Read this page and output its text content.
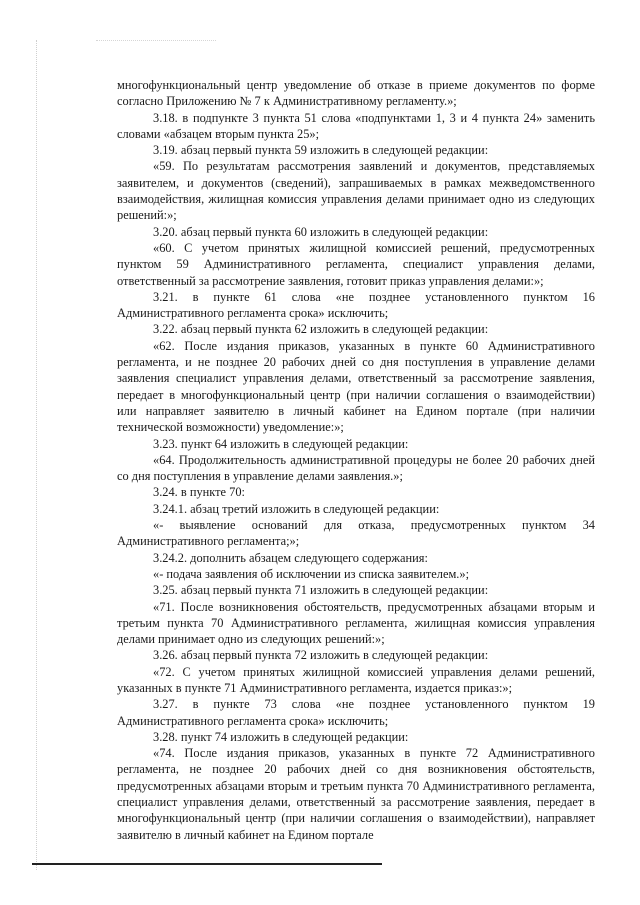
многофункциональный центр уведомление об отказе в приеме документов по форме согласно Приложению № 7 к Административному регламенту.»;

3.18. в подпункте 3 пункта 51 слова «подпунктами 1, 3 и 4 пункта 24» заменить словами «абзацем вторым пункта 25»;

3.19. абзац первый пункта 59 изложить в следующей редакции:

«59. По результатам рассмотрения заявлений и документов, представляемых заявителем, и документов (сведений), запрашиваемых в рамках межведомственного взаимодействия, жилищная комиссия управления делами принимает одно из следующих решений:»;

3.20. абзац первый пункта 60 изложить в следующей редакции:

«60. С учетом принятых жилищной комиссией решений, предусмотренных пунктом 59 Административного регламента, специалист управления делами, ответственный за рассмотрение заявления, готовит приказ управления делами:»;

3.21. в пункте 61 слова «не позднее установленного пунктом 16 Административного регламента срока» исключить;

3.22. абзац первый пункта 62 изложить в следующей редакции:

«62. После издания приказов, указанных в пункте 60 Административного регламента, и не позднее 20 рабочих дней со дня поступления в управление делами заявления специалист управления делами, ответственный за рассмотрение заявления, передает в многофункциональный центр (при наличии соглашения о взаимодействии) или направляет заявителю в личный кабинет на Едином портале (при наличии технической возможности) уведомление:»;

3.23. пункт 64 изложить в следующей редакции:

«64. Продолжительность административной процедуры не более 20 рабочих дней со дня поступления в управление делами заявления.»;

3.24. в пункте 70:

3.24.1. абзац третий изложить в следующей редакции:

«- выявление оснований для отказа, предусмотренных пунктом 34 Административного регламента;»;

3.24.2. дополнить абзацем следующего содержания:

«- подача заявления об исключении из списка заявителем.»;

3.25. абзац первый пункта 71 изложить в следующей редакции:

«71. После возникновения обстоятельств, предусмотренных абзацами вторым и третьим пункта 70 Административного регламента, жилищная комиссия управления делами принимает одно из следующих решений:»;

3.26. абзац первый пункта 72 изложить в следующей редакции:

«72. С учетом принятых жилищной комиссией управления делами решений, указанных в пункте 71 Административного регламента, издается приказ:»;

3.27. в пункте 73 слова «не позднее установленного пунктом 19 Административного регламента срока» исключить;

3.28. пункт 74 изложить в следующей редакции:

«74. После издания приказов, указанных в пункте 72 Административного регламента, не позднее 20 рабочих дней со дня возникновения обстоятельств, предусмотренных абзацами вторым и третьим пункта 70 Административного регламента, специалист управления делами, ответственный за рассмотрение заявления, передает в многофункциональный центр (при наличии соглашения о взаимодействии), направляет заявителю в личный кабинет на Едином портале
